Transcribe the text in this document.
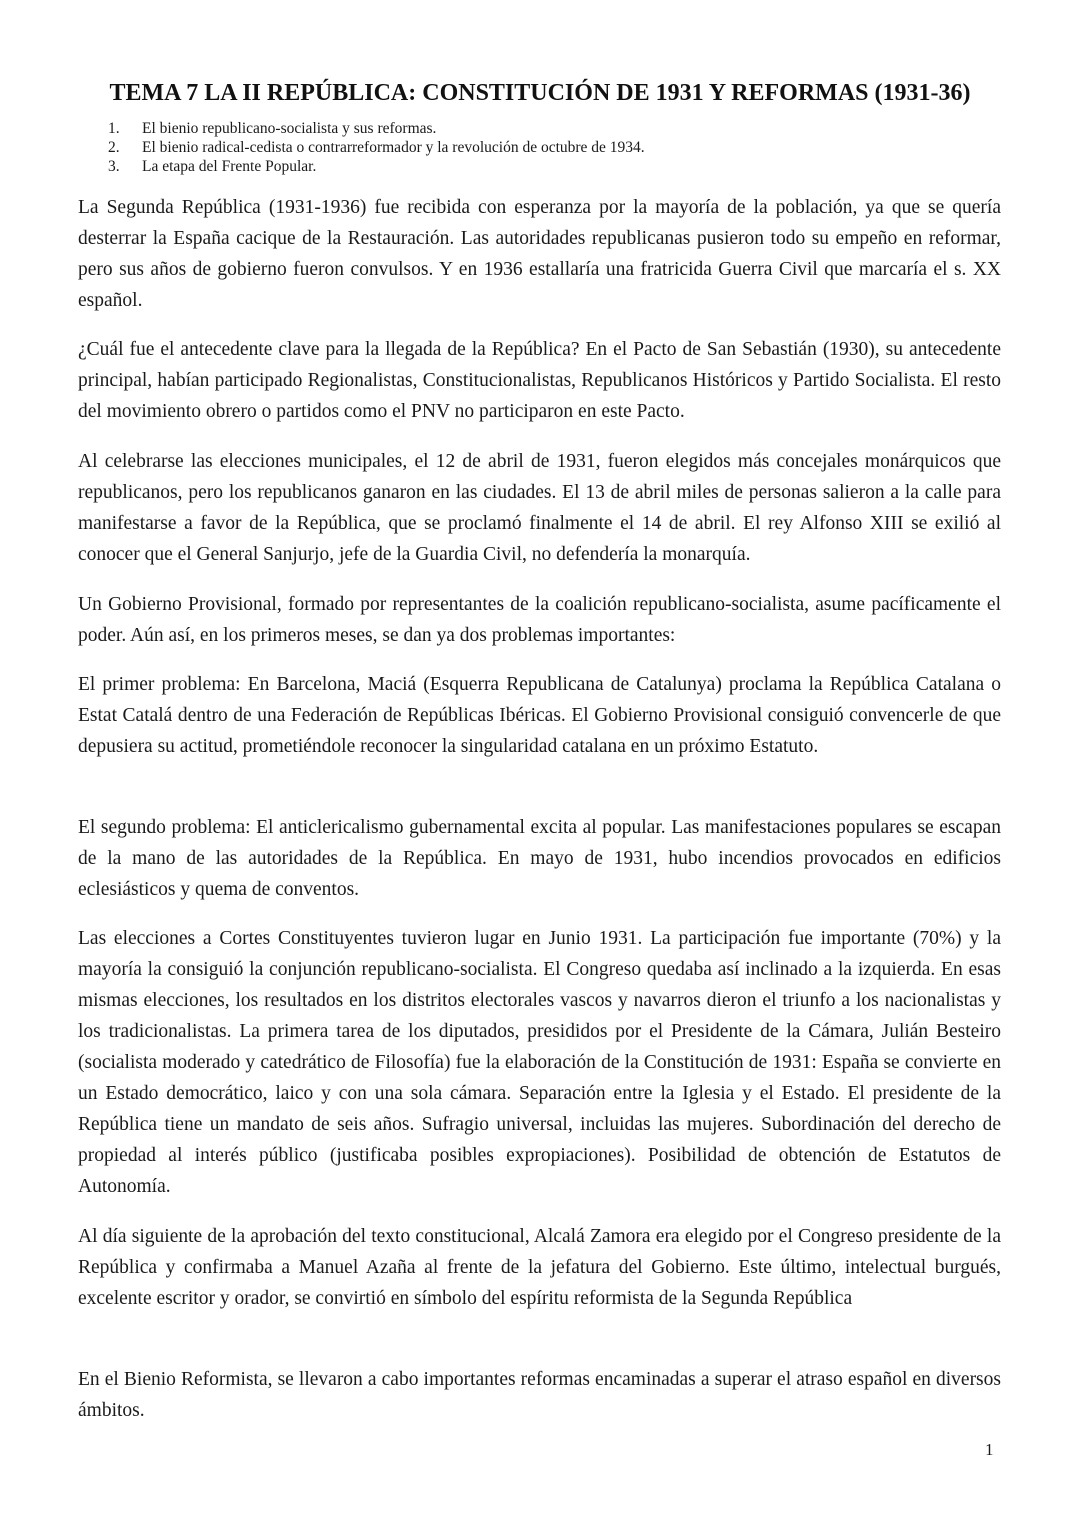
TEMA 7 LA II REPÚBLICA: CONSTITUCIÓN DE 1931 Y REFORMAS (1931-36)
1.	El bienio republicano-socialista y sus reformas.
2.	El bienio radical-cedista o contrarreformador y la revolución de octubre de 1934.
3.	La etapa del Frente Popular.

La Segunda República (1931-1936) fue recibida con esperanza por la mayoría de la población, ya que se quería desterrar la España cacique de la Restauración. Las autoridades republicanas pusieron todo su empeño en reformar, pero sus años de gobierno fueron convulsos. Y en 1936 estallaría una fratricida Guerra Civil que marcaría el s. XX español.

¿Cuál fue el antecedente clave para la llegada de la República? En el Pacto de San Sebastián (1930), su antecedente principal, habían participado Regionalistas, Constitucionalistas, Republicanos Históricos y Partido Socialista. El resto del movimiento obrero o partidos como el PNV no participaron en este Pacto.

Al celebrarse las elecciones municipales, el 12 de abril de 1931, fueron elegidos más concejales monárquicos que republicanos, pero los republicanos ganaron en las ciudades. El 13 de abril miles de personas salieron a la calle para manifestarse a favor de la República, que se proclamó finalmente el 14 de abril. El rey Alfonso XIII se exilió al conocer que el General Sanjurjo, jefe de la Guardia Civil, no defendería la monarquía.

Un Gobierno Provisional, formado por representantes de la coalición republicano-socialista, asume pacíficamente el poder. Aún así, en los primeros meses, se dan ya dos problemas importantes:

El primer problema: En Barcelona, Maciá (Esquerra Republicana de Catalunya) proclama la República Catalana o Estat Catalá dentro de una Federación de Repúblicas Ibéricas. El Gobierno Provisional consiguió convencerle de que depusiera su actitud, prometiéndole reconocer la singularidad catalana en un próximo Estatuto.

El segundo problema: El anticlericalismo gubernamental excita al popular. Las manifestaciones populares se escapan de la mano de las autoridades de la República. En mayo de 1931, hubo incendios provocados en edificios eclesiásticos y quema de conventos.

Las elecciones a Cortes Constituyentes tuvieron lugar en Junio 1931. La participación fue importante (70%) y la mayoría la consiguió la conjunción republicano-socialista. El Congreso quedaba así inclinado a la izquierda. En esas mismas elecciones, los resultados en los distritos electorales vascos y navarros dieron el triunfo a los nacionalistas y los tradicionalistas. La primera tarea de los diputados, presididos por el Presidente de la Cámara, Julián Besteiro (socialista moderado y catedrático de Filosofía) fue la elaboración de la Constitución de 1931: España se convierte en un Estado democrático, laico y con una sola cámara. Separación entre la Iglesia y el Estado. El presidente de la República tiene un mandato de seis años. Sufragio universal, incluidas las mujeres. Subordinación del derecho de propiedad al interés público (justificaba posibles expropiaciones). Posibilidad de obtención de Estatutos de Autonomía.

Al día siguiente de la aprobación del texto constitucional, Alcalá Zamora era elegido por el Congreso presidente de la República y confirmaba a Manuel Azaña al frente de la jefatura del Gobierno. Este último, intelectual burgués, excelente escritor y orador, se convirtió en símbolo del espíritu reformista de la Segunda República

En el Bienio Reformista, se llevaron a cabo importantes reformas encaminadas a superar el atraso español en diversos ámbitos.

1
